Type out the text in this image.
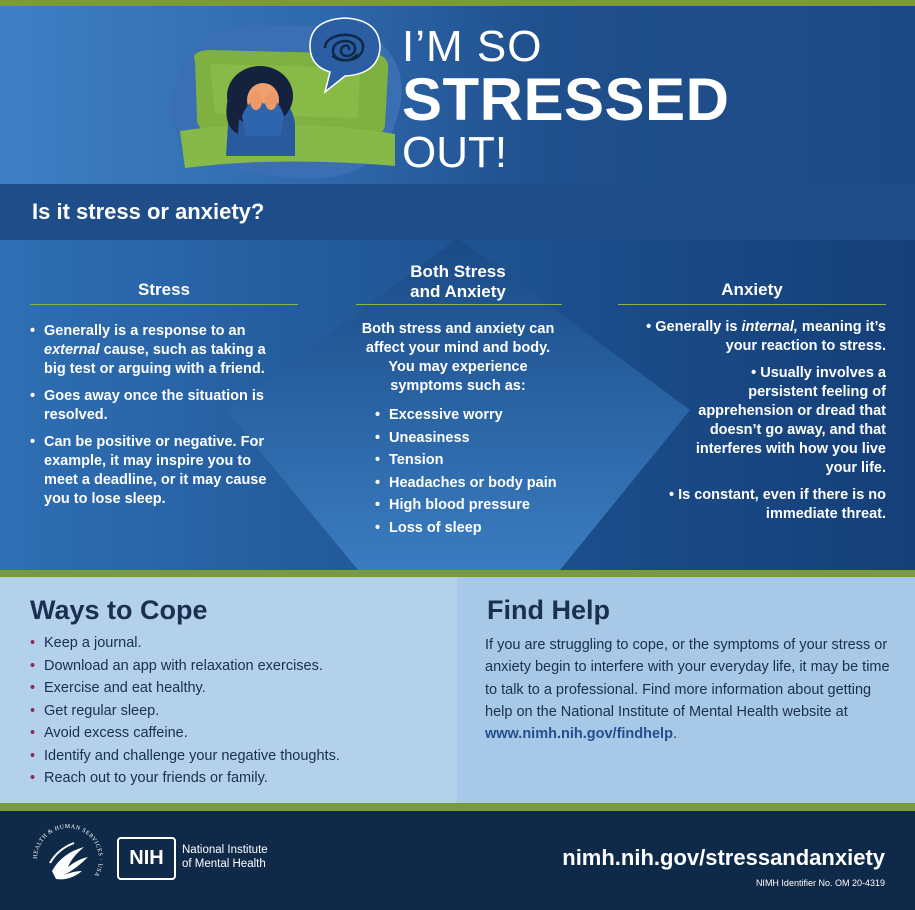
I’M SO
STRESSED
OUT!
Is it stress or anxiety?
Stress
• Generally is a response to an external cause, such as taking a big test or arguing with a friend.
• Goes away once the situation is resolved.
• Can be positive or negative. For example, it may inspire you to meet a deadline, or it may cause you to lose sleep.
Both Stress
and Anxiety
Both stress and anxiety can affect your mind and body. You may experience symptoms such as:
• Excessive worry
• Uneasiness
• Tension
• Headaches or body pain
• High blood pressure
• Loss of sleep
Anxiety
• Generally is internal, meaning it’s your reaction to stress.
• Usually involves a persistent feeling of apprehension or dread that doesn’t go away, and that interferes with how you live your life.
• Is constant, even if there is no immediate threat.
Ways to Cope
• Keep a journal.
• Download an app with relaxation exercises.
• Exercise and eat healthy.
• Get regular sleep.
• Avoid excess caffeine.
• Identify and challenge your negative thoughts.
• Reach out to your friends or family.
Find Help

If you are struggling to cope, or the symptoms of your stress or anxiety begin to interfere with your everyday life, it may be time to talk to a professional. Find more information about getting help on the National Institute of Mental Health website at www.nimh.nih.gov/findhelp.

HEALTH & HUMAN SERVICES · USA
NIH	National Institute
of Mental Health	nimh.nih.gov/stressandanxiety
NIMH Identifier No. OM 20-4319
